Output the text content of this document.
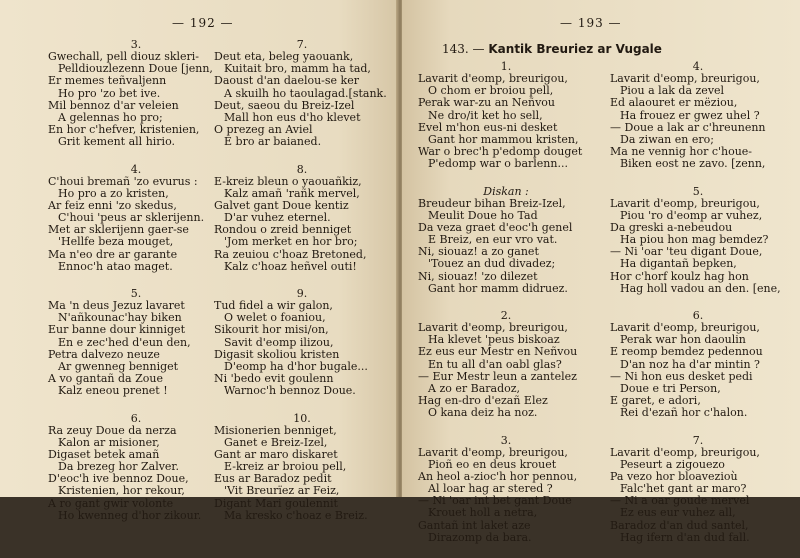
— 192 —
3.
Gwechall, pell diouz skleri-
Pelldiouzlezenn Doue [jenn,
Er memes teñvaljenn
Ho pro 'zo bet ive.
Mil bennoz d'ar veleien
A gelennas ho pro;
En hor c'hefver, kristenien,
Grit kement all hirio.
4.
C'houi bremañ 'zo evurus :
Ho pro a zo kristen,
Ar feiz enni 'zo skedus,
C'houi 'peus ar sklerijenn.
Met ar sklerijenn gaer-se
'Hellfe beza mouget,
Ma n'eo dre ar garante
Ennoc'h atao maget.
5.
Ma 'n deus Jezuz lavaret
N'añkounac'hay biken
Eur banne dour kinniget
En e zec'hed d'eun den,
Petra dalvezo neuze
Ar gwenneg benniget
A vo gantañ da Zoue
Kalz eneou prenet !
6.
Ra zeuy Doue da nerza
Kalon ar misioner,
Digaset betek amañ
Da brezeg hor Zalver.
D'eoc'h ive bennoz Doue,
Kristenien, hor rekour,
A ro gant gwir volonte
Ho kwenneg d'hor zikour.
7.
Deut eta, beleg yaouank,
Kuitait bro, mamm ha tad,
Daoust d'an daelou-se ker
A skuilh ho taoulagad.[stank.
Deut, saeou du Breiz-Izel
Mall hon eus d'ho klevet
O prezeg an Aviel
E bro ar baianed.
8.
E-kreiz bleun o yaouañkiz,
Kalz amañ 'rañk mervel,
Galvet gant Doue kentiz
D'ar vuhez eternel.
Rondou o zreid benniget
'Jom merket en hor bro;
Ra zeuiou c'hoaz Bretoned,
Kalz c'hoaz heñvel outi!
9.
Tud fidel a wir galon,
O welet o foaniou,
Sikourit hor misi/on,
Savit d'eomp ilizou,
Digasit skoliou kristen
D'eomp ha d'hor bugale...
Ni 'bedo evit goulenn
Warnoc'h bennoz Doue.
10.
Misionerien benniget,
Ganet e Breiz-Izel,
Gant ar maro diskaret
E-kreiz ar broiou pell,
Eus ar Baradoz pedit
'Vit Breurïez ar Feiz,
Digant Mari goulennit
Ma kresko c'hoaz e Breiz.
— 193 —
143. — Kantik Breuriez ar Vugale
1.
Lavarit d'eomp, breurigou,
O chom er broiou pell,
Perak war-zu an Neñvou
Ne dro/it ket ho sell,
Evel m'hon eus-ni desket
Gant hor mammou kristen,
War o brec'h p'edomp douget
P'edomp war o barlenn...
Diskan :
Breudeur bihan Breiz-Izel,
Meulit Doue ho Tad
Da veza graet d'eoc'h genel
E Breiz, en eur vro vat.
Ni, siouaz! a zo ganet
'Touez an dud divadez;
Ni, siouaz! 'zo dilezet
Gant hor mamm didruez.
2.
Lavarit d'eomp, breurigou,
Ha klevet 'peus biskoaz
Ez eus eur Mestr en Neñvou
En tu all d'an oabl glas?
— Eur Mestr leun a zantelez
A zo er Baradoz,
Hag en-dro d'ezañ Elez
O kana deiz ha noz.
3.
Lavarit d'eomp, breurigou,
Pioñ eo en deus krouet
An heol a-zioc'h hor pennou,
Al loar hag ar stered ?
— Ni 'oar int bet gant Doue
Krouet holl a netra,
Gantañ int laket aze
Dirazomp da bara.
4.
Lavarit d'eomp, breurigou,
Piou a lak da zevel
Ed alaouret er mëziou,
Ha frouez er gwez uhel ?
— Doue a lak ar c'hreunenn
Da ziwan en ero;
Ma ne vennig hor c'houe-
Biken eost ne zavo. [zenn,
5.
Lavarit d'eomp, breurigou,
Piou 'ro d'eomp ar vuhez,
Da greski a-nebeudou
Ha piou hon mag bemdez?
— Ni 'oar 'teu digant Doue,
Ha digantañ bepken,
Hor c'horf koulz hag hon
Hag holl vadou an den. [ene,
6.
Lavarit d'eomp, breurigou,
Perak war hon daoulin
E reomp bemdez pedennou
D'an noz ha d'ar mintin ?
— Ni hon eus desket pedi
Doue e tri Person,
E garet, e adori,
Rei d'ezañ hor c'halon.
7.
Lavarit d'eomp, breurigou,
Peseurt a zigouezo
Pa vezo hor bloavezioù
Falc'het gant ar maro?
— Ni a oar goude mervel
Ez eus eur vuhez all,
Baradoz d'an dud santel,
Hag ifern d'an dud fall.
